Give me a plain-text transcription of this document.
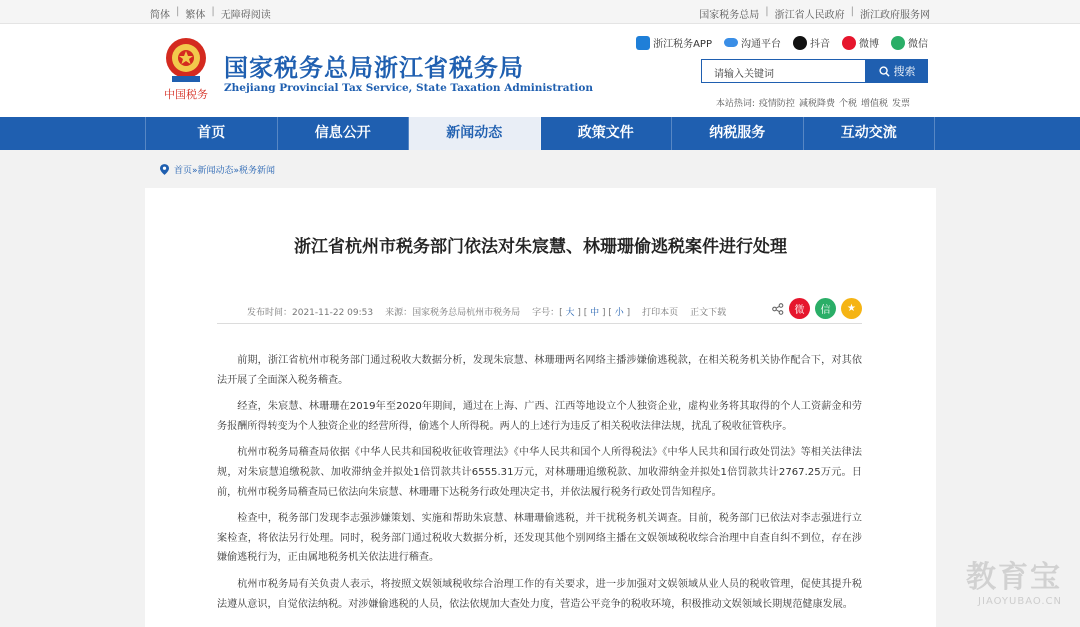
简体 | 繁体 | 无障碍阅读	国家税务总局 | 浙江省人民政府 | 浙江政府服务网
中国税务
国家税务总局浙江省税务局
Zhejiang Provincial Tax Service, State Taxation Administration
浙江税务APP	沟通平台	抖音	微博	微信
请输入关键词	搜索
本站热词: 疫情防控 减税降费 个税 增值税 发票
首页	信息公开	新闻动态	政策文件	纳税服务	互动交流
首页»新闻动态»税务新闻
浙江省杭州市税务部门依法对朱宸慧、林珊珊偷逃税案件进行处理
发布时间：2021-11-22 09:53 来源：国家税务总局杭州市税务局 字号：[ 大 ] [ 中 ] [ 小 ] 打印本页 正文下载	微 信 ★

前期，浙江省杭州市税务部门通过税收大数据分析，发现朱宸慧、林珊珊两名网络主播涉嫌偷逃税款，在相关税务机关协作配合下，对其依法开展了全面深入税务稽查。

经查，朱宸慧、林珊珊在2019年至2020年期间，通过在上海、广西、江西等地设立个人独资企业，虚构业务将其取得的个人工资薪金和劳务报酬所得转变为个人独资企业的经营所得，偷逃个人所得税。两人的上述行为违反了相关税收法律法规，扰乱了税收征管秩序。

杭州市税务局稽查局依据《中华人民共和国税收征收管理法》《中华人民共和国个人所得税法》《中华人民共和国行政处罚法》等相关法律法规，对朱宸慧追缴税款、加收滞纳金并拟处1倍罚款共计6555.31万元，对林珊珊追缴税款、加收滞纳金并拟处1倍罚款共计2767.25万元。日前，杭州市税务局稽查局已依法向朱宸慧、林珊珊下达税务行政处理决定书，并依法履行税务行政处罚告知程序。

检查中，税务部门发现李志强涉嫌策划、实施和帮助朱宸慧、林珊珊偷逃税，并干扰税务机关调查。目前，税务部门已依法对李志强进行立案检查，将依法另行处理。同时，税务部门通过税收大数据分析，还发现其他个别网络主播在文娱领域税收综合治理中自查自纠不到位，存在涉嫌偷逃税行为，正由属地税务机关依法进行稽查。

杭州市税务局有关负责人表示，将按照文娱领域税收综合治理工作的有关要求，进一步加强对文娱领域从业人员的税收管理，促使其提升税法遵从意识，自觉依法纳税。对涉嫌偷逃税的人员，依法依规加大查处力度，营造公平竞争的税收环境，积极推动文娱领域长期规范健康发展。

教育宝
JIAOYUBAO.CN
